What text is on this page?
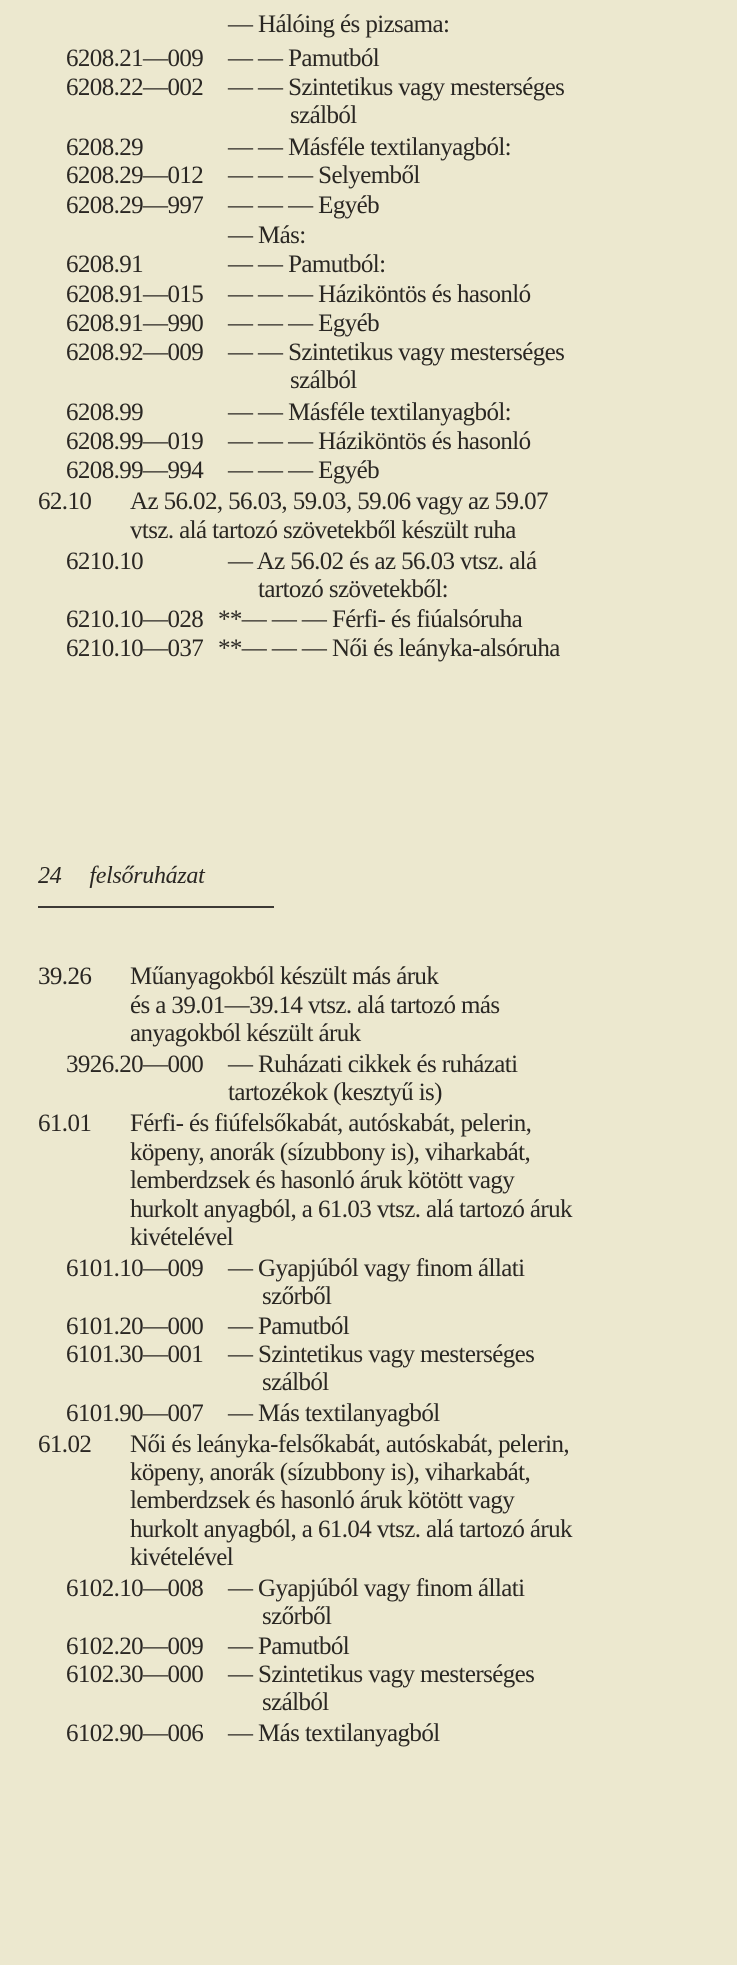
24 felsőruházat
— Hálóing és pizsama:
6208.21—009 — — Pamutból
6208.22—002 — — Szintetikus vagy mesterséges
szálból
6208.29	— — Másféle textilanyagból:
6208.29—012 — — — Selyemből
6208.29—997 — — — Egyéb
— Más:
6208.91	— — Pamutból:
6208.91—015 — — — Háziköntös és hasonló
6208.91—990 — — — Egyéb
6208.92—009 — — Szintetikus vagy mesterséges
szálból
6208.99	— — Másféle textilanyagból:
6208.99—019 — — — Háziköntös és hasonló
6208.99—994 — — — Egyéb
62.10 Az 56.02, 56.03, 59.03, 59.06 vagy az 59.07
vtsz. alá tartozó szövetekből készült ruha
6210.10	— Az 56.02 és az 56.03 vtsz. alá
tartozó szövetekből:
6210.10—028 **— — — Férfi- és fiúalsóruha
6210.10—037 **— — — Női és leányka-alsóruha
39.26 Műanyagokból készült más áruk
és a 39.01—39.14 vtsz. alá tartozó más
anyagokból készült áruk
3926.20—000 — Ruházati cikkek és ruházati
tartozékok (kesztyű is)
61.01 Férfi- és fiúfelsőkabát, autóskabát, pelerin,
köpeny, anorák (sízubbony is), viharkabát,
lemberdzsek és hasonló áruk kötött vagy
hurkolt anyagból, a 61.03 vtsz. alá tartozó áruk
kivételével
6101.10—009 — Gyapjúból vagy finom állati
szőrből
6101.20—000 — Pamutból
6101.30—001 — Szintetikus vagy mesterséges
szálból
6101.90—007 — Más textilanyagból
61.02 Női és leányka-felsőkabát, autóskabát, pelerin,
köpeny, anorák (sízubbony is), viharkabát,
lemberdzsek és hasonló áruk kötött vagy
hurkolt anyagból, a 61.04 vtsz. alá tartozó áruk
kivételével
6102.10—008 — Gyapjúból vagy finom állati
szőrből
6102.20—009 — Pamutból
6102.30—000 — Szintetikus vagy mesterséges
szálból
6102.90—006 — Más textilanyagból
